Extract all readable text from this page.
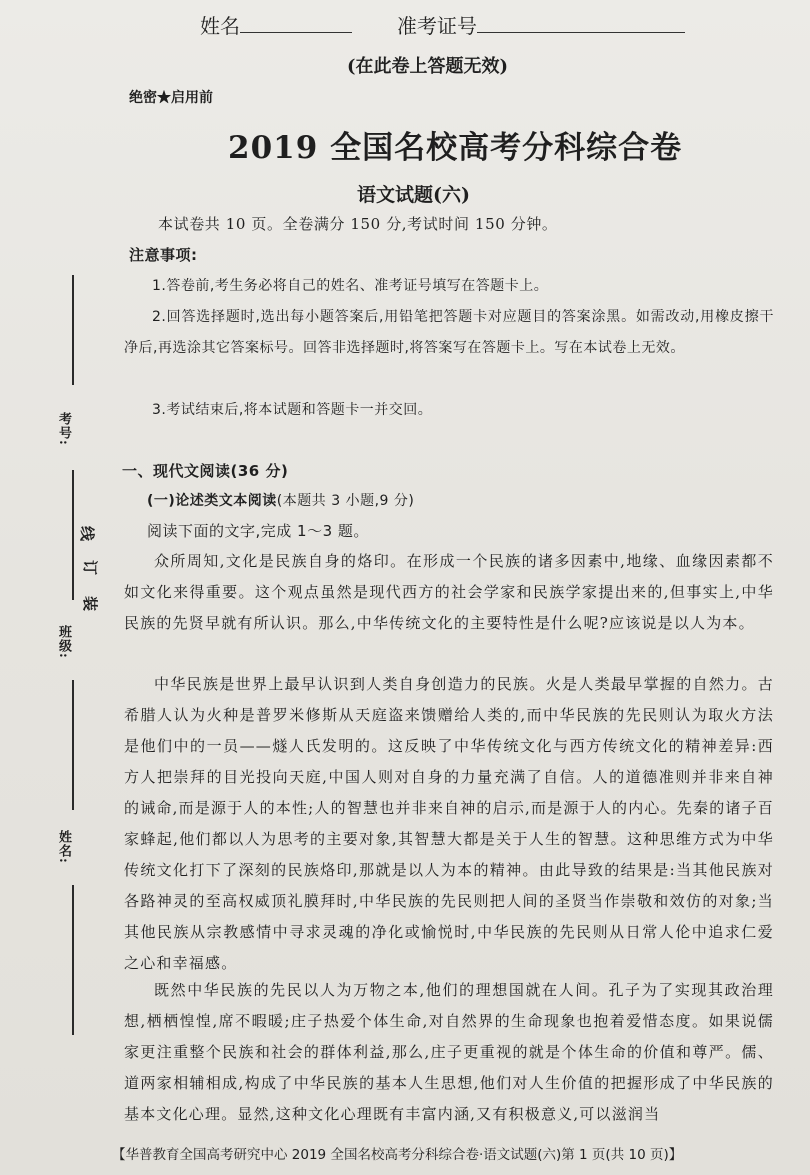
姓名	准考证号
(在此卷上答题无效)
绝密★启用前
2019 全国名校高考分科综合卷
语文试题(六)
本试卷共 10 页。全卷满分 150 分,考试时间 150 分钟。
注意事项:
1.答卷前,考生务必将自己的姓名、准考证号填写在答题卡上。
2.回答选择题时,选出每小题答案后,用铅笔把答题卡对应题目的答案涂黑。如需改动,用橡皮擦干净后,再选涂其它答案标号。回答非选择题时,将答案写在答题卡上。写在本试卷上无效。
3.考试结束后,将本试题和答题卡一并交回。
考号:
班级:
姓名:
线
订
装
一、现代文阅读(36 分)
(一)论述类文本阅读(本题共 3 小题,9 分)
阅读下面的文字,完成 1～3 题。
众所周知,文化是民族自身的烙印。在形成一个民族的诸多因素中,地缘、血缘因素都不如文化来得重要。这个观点虽然是现代西方的社会学家和民族学家提出来的,但事实上,中华民族的先贤早就有所认识。那么,中华传统文化的主要特性是什么呢?应该说是以人为本。
中华民族是世界上最早认识到人类自身创造力的民族。火是人类最早掌握的自然力。古希腊人认为火种是普罗米修斯从天庭盗来馈赠给人类的,而中华民族的先民则认为取火方法是他们中的一员——燧人氏发明的。这反映了中华传统文化与西方传统文化的精神差异:西方人把崇拜的目光投向天庭,中国人则对自身的力量充满了自信。人的道德准则并非来自神的诫命,而是源于人的本性;人的智慧也并非来自神的启示,而是源于人的内心。先秦的诸子百家蜂起,他们都以人为思考的主要对象,其智慧大都是关于人生的智慧。这种思维方式为中华传统文化打下了深刻的民族烙印,那就是以人为本的精神。由此导致的结果是:当其他民族对各路神灵的至高权威顶礼膜拜时,中华民族的先民则把人间的圣贤当作崇敬和效仿的对象;当其他民族从宗教感情中寻求灵魂的净化或愉悦时,中华民族的先民则从日常人伦中追求仁爱之心和幸福感。
既然中华民族的先民以人为万物之本,他们的理想国就在人间。孔子为了实现其政治理想,栖栖惶惶,席不暇暖;庄子热爱个体生命,对自然界的生命现象也抱着爱惜态度。如果说儒家更注重整个民族和社会的群体利益,那么,庄子更重视的就是个体生命的价值和尊严。儒、道两家相辅相成,构成了中华民族的基本人生思想,他们对人生价值的把握形成了中华民族的基本文化心理。显然,这种文化心理既有丰富内涵,又有积极意义,可以滋润当
【华普教育全国高考研究中心 2019 全国名校高考分科综合卷·语文试题(六)第 1 页(共 10 页)】
